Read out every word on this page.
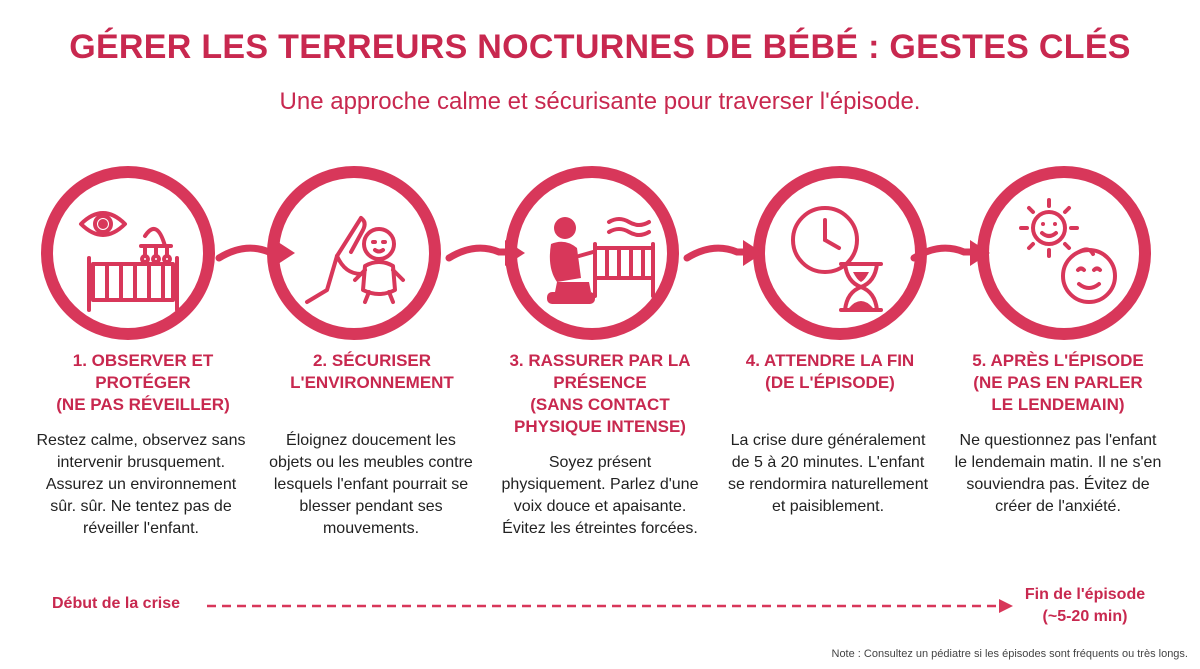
GÉRER LES TERREURS NOCTURNES DE BÉBÉ : GESTES CLÉS
Une approche calme et sécurisante pour traverser l'épisode.
1. OBSERVER ET
PROTÉGER
(NE PAS RÉVEILLER)
2. SÉCURISER
L'ENVIRONNEMENT
3. RASSURER PAR LA
PRÉSENCE
(SANS CONTACT
PHYSIQUE INTENSE)
4. ATTENDRE LA FIN
(DE L'ÉPISODE)
5. APRÈS L'ÉPISODE
(NE PAS EN PARLER
LE LENDEMAIN)
Restez calme, observez sans intervenir brusquement. Assurez un environnement sûr. sûr. Ne tentez pas de réveiller l'enfant.
Éloignez doucement les objets ou les meubles contre lesquels l'enfant pourrait se blesser pendant ses mouvements.
Soyez présent physiquement. Parlez d'une voix douce et apaisante. Évitez les étreintes forcées.
La crise dure généralement de 5 à 20 minutes. L'enfant se rendormira naturellement et paisiblement.
Ne questionnez pas l'enfant le lendemain matin. Il ne s'en souviendra pas. Évitez de créer de l'anxiété.
Début de la crise
Fin de l'épisode
(~5-20 min)
Note : Consultez un pédiatre si les épisodes sont fréquents ou très longs.
